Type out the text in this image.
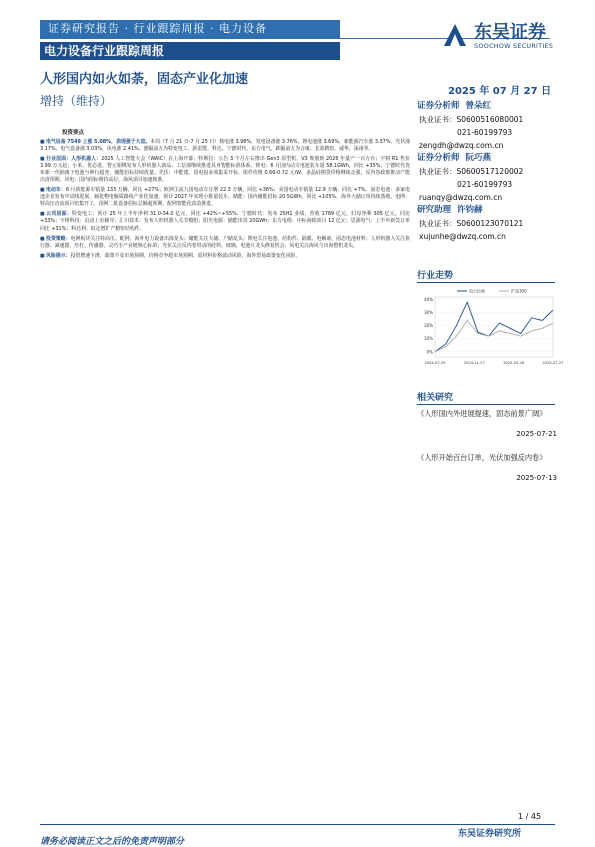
证券研究报告 · 行业跟踪周报 · 电力设备
电力设备行业跟踪周报
东吴证券
SOOCHOW SECURITIES
人形国内如火如荼，固态产业化加速
增持（维持）
2025 年 07 月 27 日
投资要点

■电气设备 7549 上涨 5.08%，表现强于大盘。本周（7 月 21 日-7 月 25 日）核电涨 3.98%，发电设备涨 3.76%，锂电池涨 3.69%，新能源汽车涨 3.37%，光伏涨 3.17%，电气设备涨 3.03%，风电涨 2.41%。涨幅前五为特变电工、新雷能、科达、宁德时代、东方电气，跌幅前五为合康、长盈精密、威华、深南等。

■行业层面：人形机器人：2025 人工智能大会（WAIC）在上海开幕；特斯拉：公告 3 个月左右推出 Gen3 原型机，V3 规划到 2026 年量产一百万台；宇树 R1 售价 3.99 万元起；小米、优必选、智元相继发布人形机器人新品；工信部继续推进具身智能标准体系。锂电：6 月国内动力电池装车量 58.1GWh，同比 +35%；宁德时代发布新一代钠离子电池与神行超充，储能招标持续放量。光伏：中能建、国电投多项集采开标，组件价格 0.66-0.72 元/W，多晶硅期货价格继续走强，反内卷政策推动产能出清预期。风电：国内招标维持高位，海风项目加速核准。

■电动车：6 月新能源车销量 133 万辆，同比 +27%；欧洲主流九国电动车注册 22.3 万辆，同比 +36%；美国电动车销量 12.9 万辆，同比 +7%。固态电池：多家电池企业发布中试线进展，硫化物电解质路线产业化加速，预计 2027 年实现小批量装车。储能：国内储能招标 20.5GWh，同比 +105%，海外大储订单持续落地。电网：特高压直流项目密集开工，国网二批设备招标总额超预期，配网智能化改造推进。

■公司层面：特变电工：预计 25 年上半年净利 31.0-34.0 亿元，同比 +42%~+55%；宁德时代：发布 25H1 业绩，营收 1789 亿元，归母净利 305 亿元，同比 +33%；宇树科技：启动上市辅导；汇川技术：发布人形机器人关节模组；阳光电源：储能出货 20GWh；东方电缆：中标海缆项目 12 亿元；思源电气：上半年新签订单同比 +31%；科达利：拟定增扩产精密结构件。

■投资策略：电网板块关注特高压、配网、海外电力设备出海龙头；储能关注大储、户储龙头；锂电关注电池、结构件、隔膜、电解液、固态电池材料；人形机器人关注执行器、减速器、丝杠、传感器、灵巧手产业链核心标的；光伏关注反内卷带动的硅料、玻璃、电池片龙头修复机会；风电关注海风与出海整机龙头。

■风险提示：投资增速下滑，政策不及市场预期，价格竞争超市场预期，原材料价格波动风险，海外贸易政策变化风险。

证券分析师 曾朵红
执业证书：S0600516080001
021-60199793
zengdh@dwzq.com.cn
证券分析师 阮巧燕
执业证书：S0600517120002
021-60199793
ruanqy@dwzq.com.cn
研究助理 许钧赫
执业证书：S0600123070121
xujunhe@dwzq.com.cn
行业走势
0%
10%
20%
30%
40%
2024-07-29	2024-11-27	2025-03-28	2025-07-27
电力设备	沪深300
相关研究
《人形国内外进展提速，固态前景广阔》
2025-07-21
《人形开始百台订单，光伏加强反内卷》
2025-07-13
1 / 45
请务必阅读正文之后的免责声明部分
东吴证券研究所
